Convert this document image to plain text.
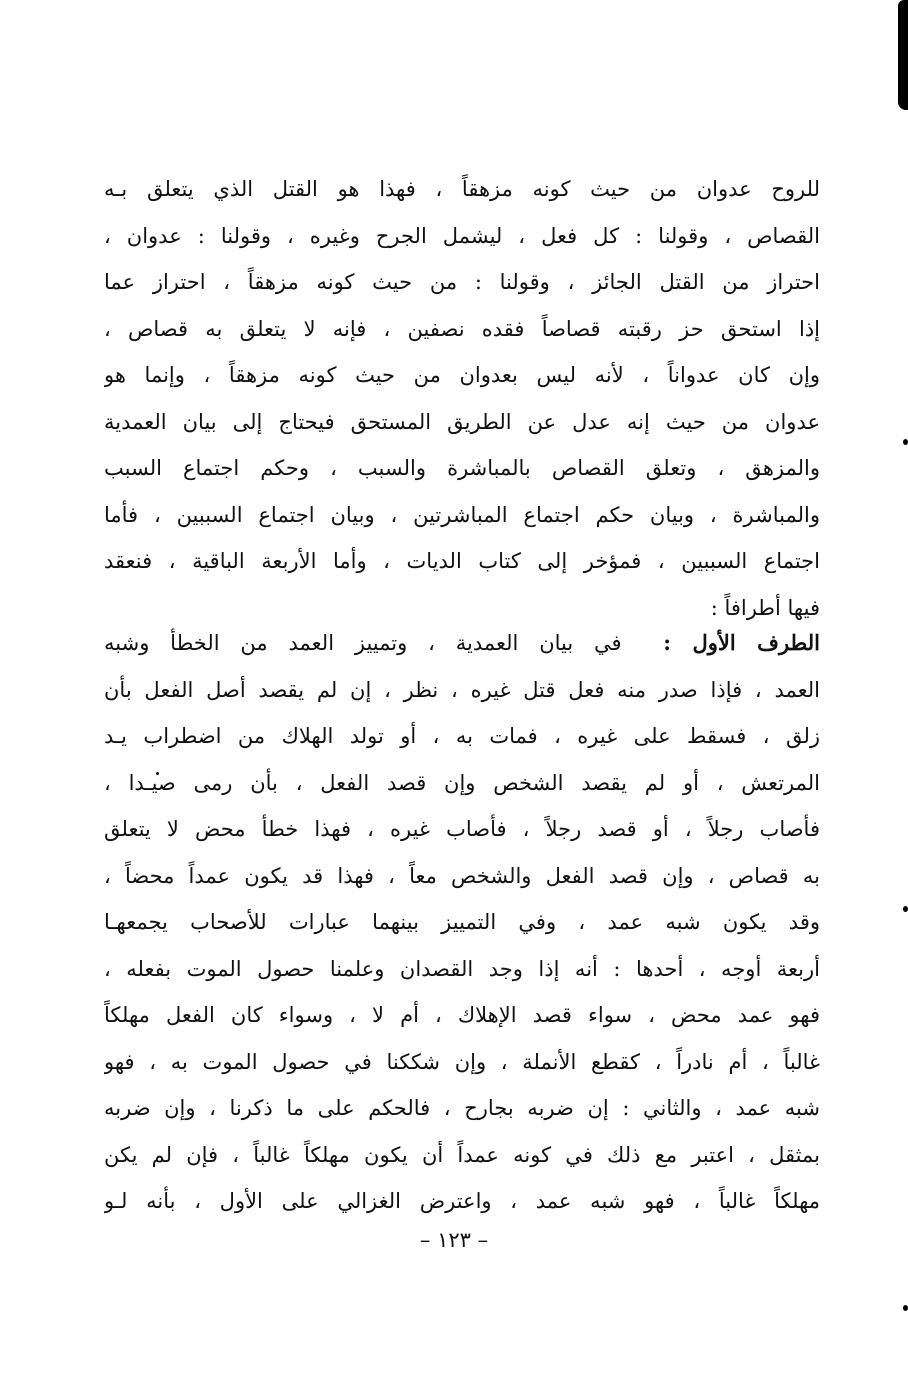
للروح عدوان من حيث كونه مزهقاً ، فهذا هو القتل الذي يتعلق بـه
القصاص ، وقولنا : كل فعل ، ليشمل الجرح وغيره ، وقولنا : عدوان ،
احتراز من القتل الجائز ، وقولنا : من حيث كونه مزهقاً ، احتراز عما
إذا استحق حز رقبته قصاصاً فقده نصفين ، فإنه لا يتعلق به قصاص ،
وإن كان عدواناً ، لأنه ليس بعدوان من حيث كونه مزهقاً ، وإنما هو
عدوان من حيث إنه عدل عن الطريق المستحق فيحتاج إلى بيان العمدية
والمزهق ، وتعلق القصاص بالمباشرة والسبب ، وحكم اجتماع السبب
والمباشرة ، وبيان حكم اجتماع المباشرتين ، وبيان اجتماع السببين ، فأما
اجتماع السببين ، فمؤخر إلى كتاب الديات ، وأما الأربعة الباقية ، فنعقد
فيها أطرافاً :
الطرف الأول :  في بيان العمدية ، وتمييز العمد من الخطأ وشبه
العمد ، فإذا صدر منه فعل قتل غيره ، نظر ، إن لم يقصد أصل الفعل بأن
زلق ، فسقط على غيره ، فمات به ، أو تولد الهلاك من اضطراب يـد
المرتعش ، أو لم يقصد الشخص وإن قصد الفعل ، بأن رمى صيـدا ،
فأصاب رجلاً ، أو قصد رجلاً ، فأصاب غيره ، فهذا خطأ محض لا يتعلق
به قصاص ، وإن قصد الفعل والشخص معاً ، فهذا قد يكون عمداً محضاً ،
وقد يكون شبه عمد ، وفي التمييز بينهما عبارات للأصحاب يجمعهـا
أربعة أوجه ، أحدها : أنه إذا وجد القصدان وعلمنا حصول الموت بفعله ،
فهو عمد محض ، سواء قصد الإهلاك ، أم لا ، وسواء كان الفعل مهلكاً
غالباً ، أم نادراً ، كقطع الأنملة ، وإن شككنا في حصول الموت به ، فهو
شبه عمد ، والثاني : إن ضربه بجارح ، فالحكم على ما ذكرنا ، وإن ضربه
بمثقل ، اعتبر مع ذلك في كونه عمداً أن يكون مهلكاً غالباً ، فإن لم يكن
مهلكاً غالباً ، فهو شبه عمد ، واعترض الغزالي على الأول ، بأنه لـو
– ١٢٣ –
